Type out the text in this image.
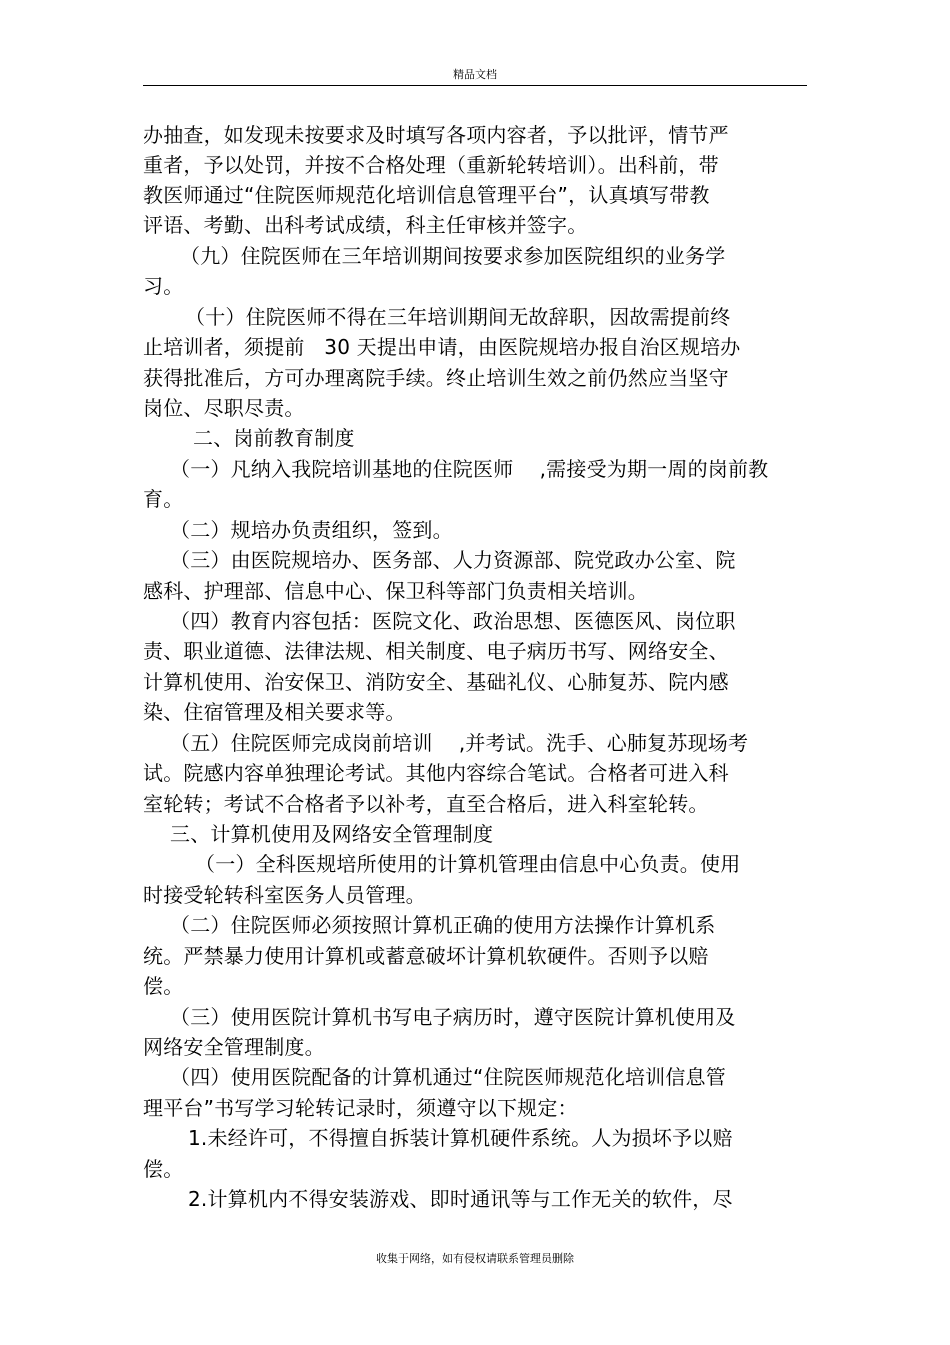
精品文档
办抽查，如发现未按要求及时填写各项内容者，予以批评，情节严
重者，予以处罚，并按不合格处理（重新轮转培训）。出科前，带
教医师通过“住院医师规范化培训信息管理平台”，认真填写带教
评语、考勤、出科考试成绩，科主任审核并签字。
（九）住院医师在三年培训期间按要求参加医院组织的业务学
习。
（十）住院医师不得在三年培训期间无故辞职，因故需提前终
止培训者，须提前   30 天提出申请，由医院规培办报自治区规培办
获得批准后，方可办理离院手续。终止培训生效之前仍然应当坚守
岗位、尽职尽责。
二、岗前教育制度
（一）凡纳入我院培训基地的住院医师    ,需接受为期一周的岗前教
育。
（二）规培办负责组织，签到。
（三）由医院规培办、医务部、人力资源部、院党政办公室、院
感科、护理部、信息中心、保卫科等部门负责相关培训。
（四）教育内容包括：医院文化、政治思想、医德医风、岗位职
责、职业道德、法律法规、相关制度、电子病历书写、网络安全、
计算机使用、治安保卫、消防安全、基础礼仪、心肺复苏、院内感
染、住宿管理及相关要求等。
（五）住院医师完成岗前培训    ,并考试。洗手、心肺复苏现场考
试。院感内容单独理论考试。其他内容综合笔试。合格者可进入科
室轮转；考试不合格者予以补考，直至合格后，进入科室轮转。
三、计算机使用及网络安全管理制度
（一）全科医规培所使用的计算机管理由信息中心负责。使用
时接受轮转科室医务人员管理。
（二）住院医师必须按照计算机正确的使用方法操作计算机系
统。严禁暴力使用计算机或蓄意破坏计算机软硬件。否则予以赔
偿。
（三）使用医院计算机书写电子病历时，遵守医院计算机使用及
网络安全管理制度。
（四）使用医院配备的计算机通过“住院医师规范化培训信息管
理平台”书写学习轮转记录时，须遵守以下规定：
1.未经许可，不得擅自拆装计算机硬件系统。人为损坏予以赔
偿。
2.计算机内不得安装游戏、即时通讯等与工作无关的软件，尽
收集于网络，如有侵权请联系管理员删除
